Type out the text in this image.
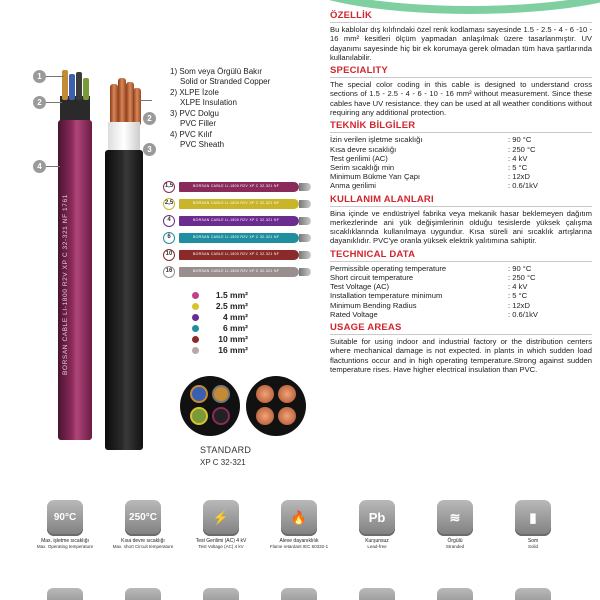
BORSAN CABLE LI-1800 R2V XP C 32-321 NF 1761
1
2
4
2
3
1) Som veya Örgülü Bakır
Solid or Stranded Copper
2) XLPE İzole
XLPE Insulation
3) PVC Dolgu
PVC Filler
4) PVC Kılıf
PVC Sheath
1,5	BORSAN CABLE LI-1800 R2V XP C 32-321 NF
2,5	BORSAN CABLE LI-1800 R2V XP C 32-321 NF
4	BORSAN CABLE LI-1800 R2V XP C 32-321 NF
6	BORSAN CABLE LI-1800 R2V XP C 32-321 NF
10	BORSAN CABLE LI-1800 R2V XP C 32-321 NF
16	BORSAN CABLE LI-1800 R2V XP C 32-321 NF
1.5 mm²
2.5 mm²
4 mm²
6 mm²
10 mm²
16 mm²
STANDARD
XP C 32-321
ÖZELLİK
Bu kablolar dış kılıfındaki özel renk kodlaması sayesinde 1.5 - 2.5 - 4 - 6 -10 - 16 mm² kesitleri ölçüm yapmadan anlaşılmak üzere tasarlanmıştır. UV dayanımı sayesinde hiç bir ek korumaya gerek olmadan tüm hava şartlarında kullanılabilir.
SPECIALITY
The special color coding in this cable is designed to understand cross sections of 1.5 - 2.5 - 4 - 6 - 10 - 16 mm² without measurement. Since these cables have UV resistance. they can be used at all weather conditions without requiring any additional protection.
TEKNİK BİLGİLER
İzin verilen işletme sıcaklığı	: 90 °C
Kısa devre sıcaklığı	: 250 °C
Test gerilimi (AC)	: 4 kV
Serim sıcaklığı min	: 5 °C
Minimum Bükme Yarı Çapı	: 12xD
Anma gerilimi	: 0.6/1kV
KULLANIM ALANLARI
Bina içinde ve endüstriyel fabrika veya mekanik hasar beklemeyen dağıtım merkezlerinde ani yük değişimlerinin olduğu tesislerde yüksek çalışma sıcaklıklarında kullanılmaya uygundur. Kısa süreli ani sıcaklık artışlarına dayanıklıdır. PVC'ye oranla yüksek elektrik yalıtımına sahiptir.
TECHNICAL DATA
Permissible operating temperature	: 90 °C
Short circuit temperature	: 250 °C
Test Voltage (AC)	: 4 kV
Installation temperature minimum	: 5 °C
Minimum Bending Radius	: 12xD
Rated Voltage	: 0.6/1kV
USAGE AREAS
Suitable for using indoor and industrial factory or the distribution centers where mechanical damage is not expected. in plants in which sudden load flactuntions occur and in high operating temperature.Strong against sudden temperature rises. Have higher electrical insulation than PVC.
90°C
Max. işletme sıcaklığı
Max. Operating temperature
250°C
Kısa devre sıcaklığı
Max. short Circuit temperature
⚡
Test Gerilimi (AC) 4 kV
Test Voltage (AC) 4 kV
🔥
Aleve dayanıklılık
Flame retardant IEC 60332-1
Pb
Kurşunsuz
Lead-free
≋
Örgülü
Stranded
▮
Som
Solid
